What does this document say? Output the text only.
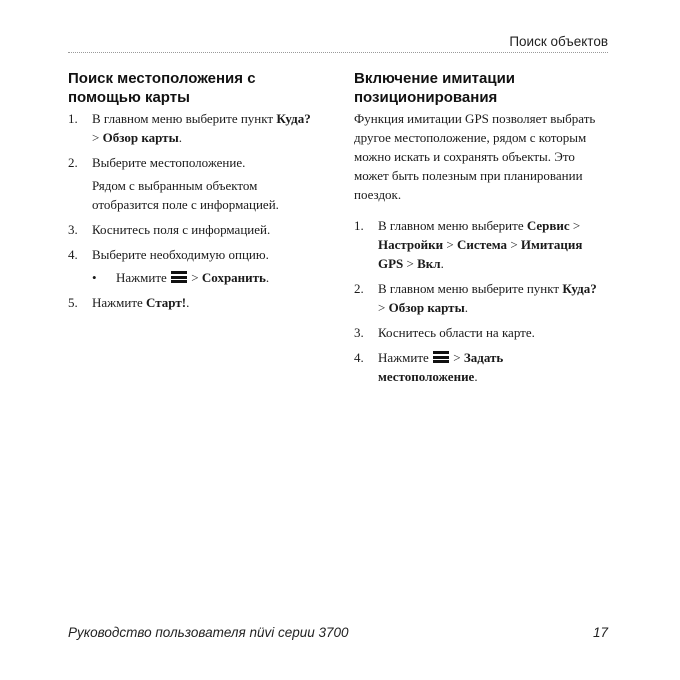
Поиск объектов
Поиск местоположения с помощью карты
1. В главном меню выберите пункт Куда? > Обзор карты.
2. Выберите местоположение.

Рядом с выбранным объектом отобразится поле с информацией.

3. Коснитесь поля с информацией.
4. Выберите необходимую опцию.
• Нажмите
> Сохранить.
5. Нажмите Старт!.
Включение имитации позиционирования

Функция имитации GPS позволяет выбрать другое местоположение, рядом с которым можно искать и сохранять объекты. Это может быть полезным при планировании поездок.

1. В главном меню выберите Сервис > Настройки > Система > Имитация GPS > Вкл.
2. В главном меню выберите пункт Куда? > Обзор карты.
3. Коснитесь области на карте.
4. Нажмите
> Задать местоположение.
Руководство пользователя nüvi серии 3700	17
